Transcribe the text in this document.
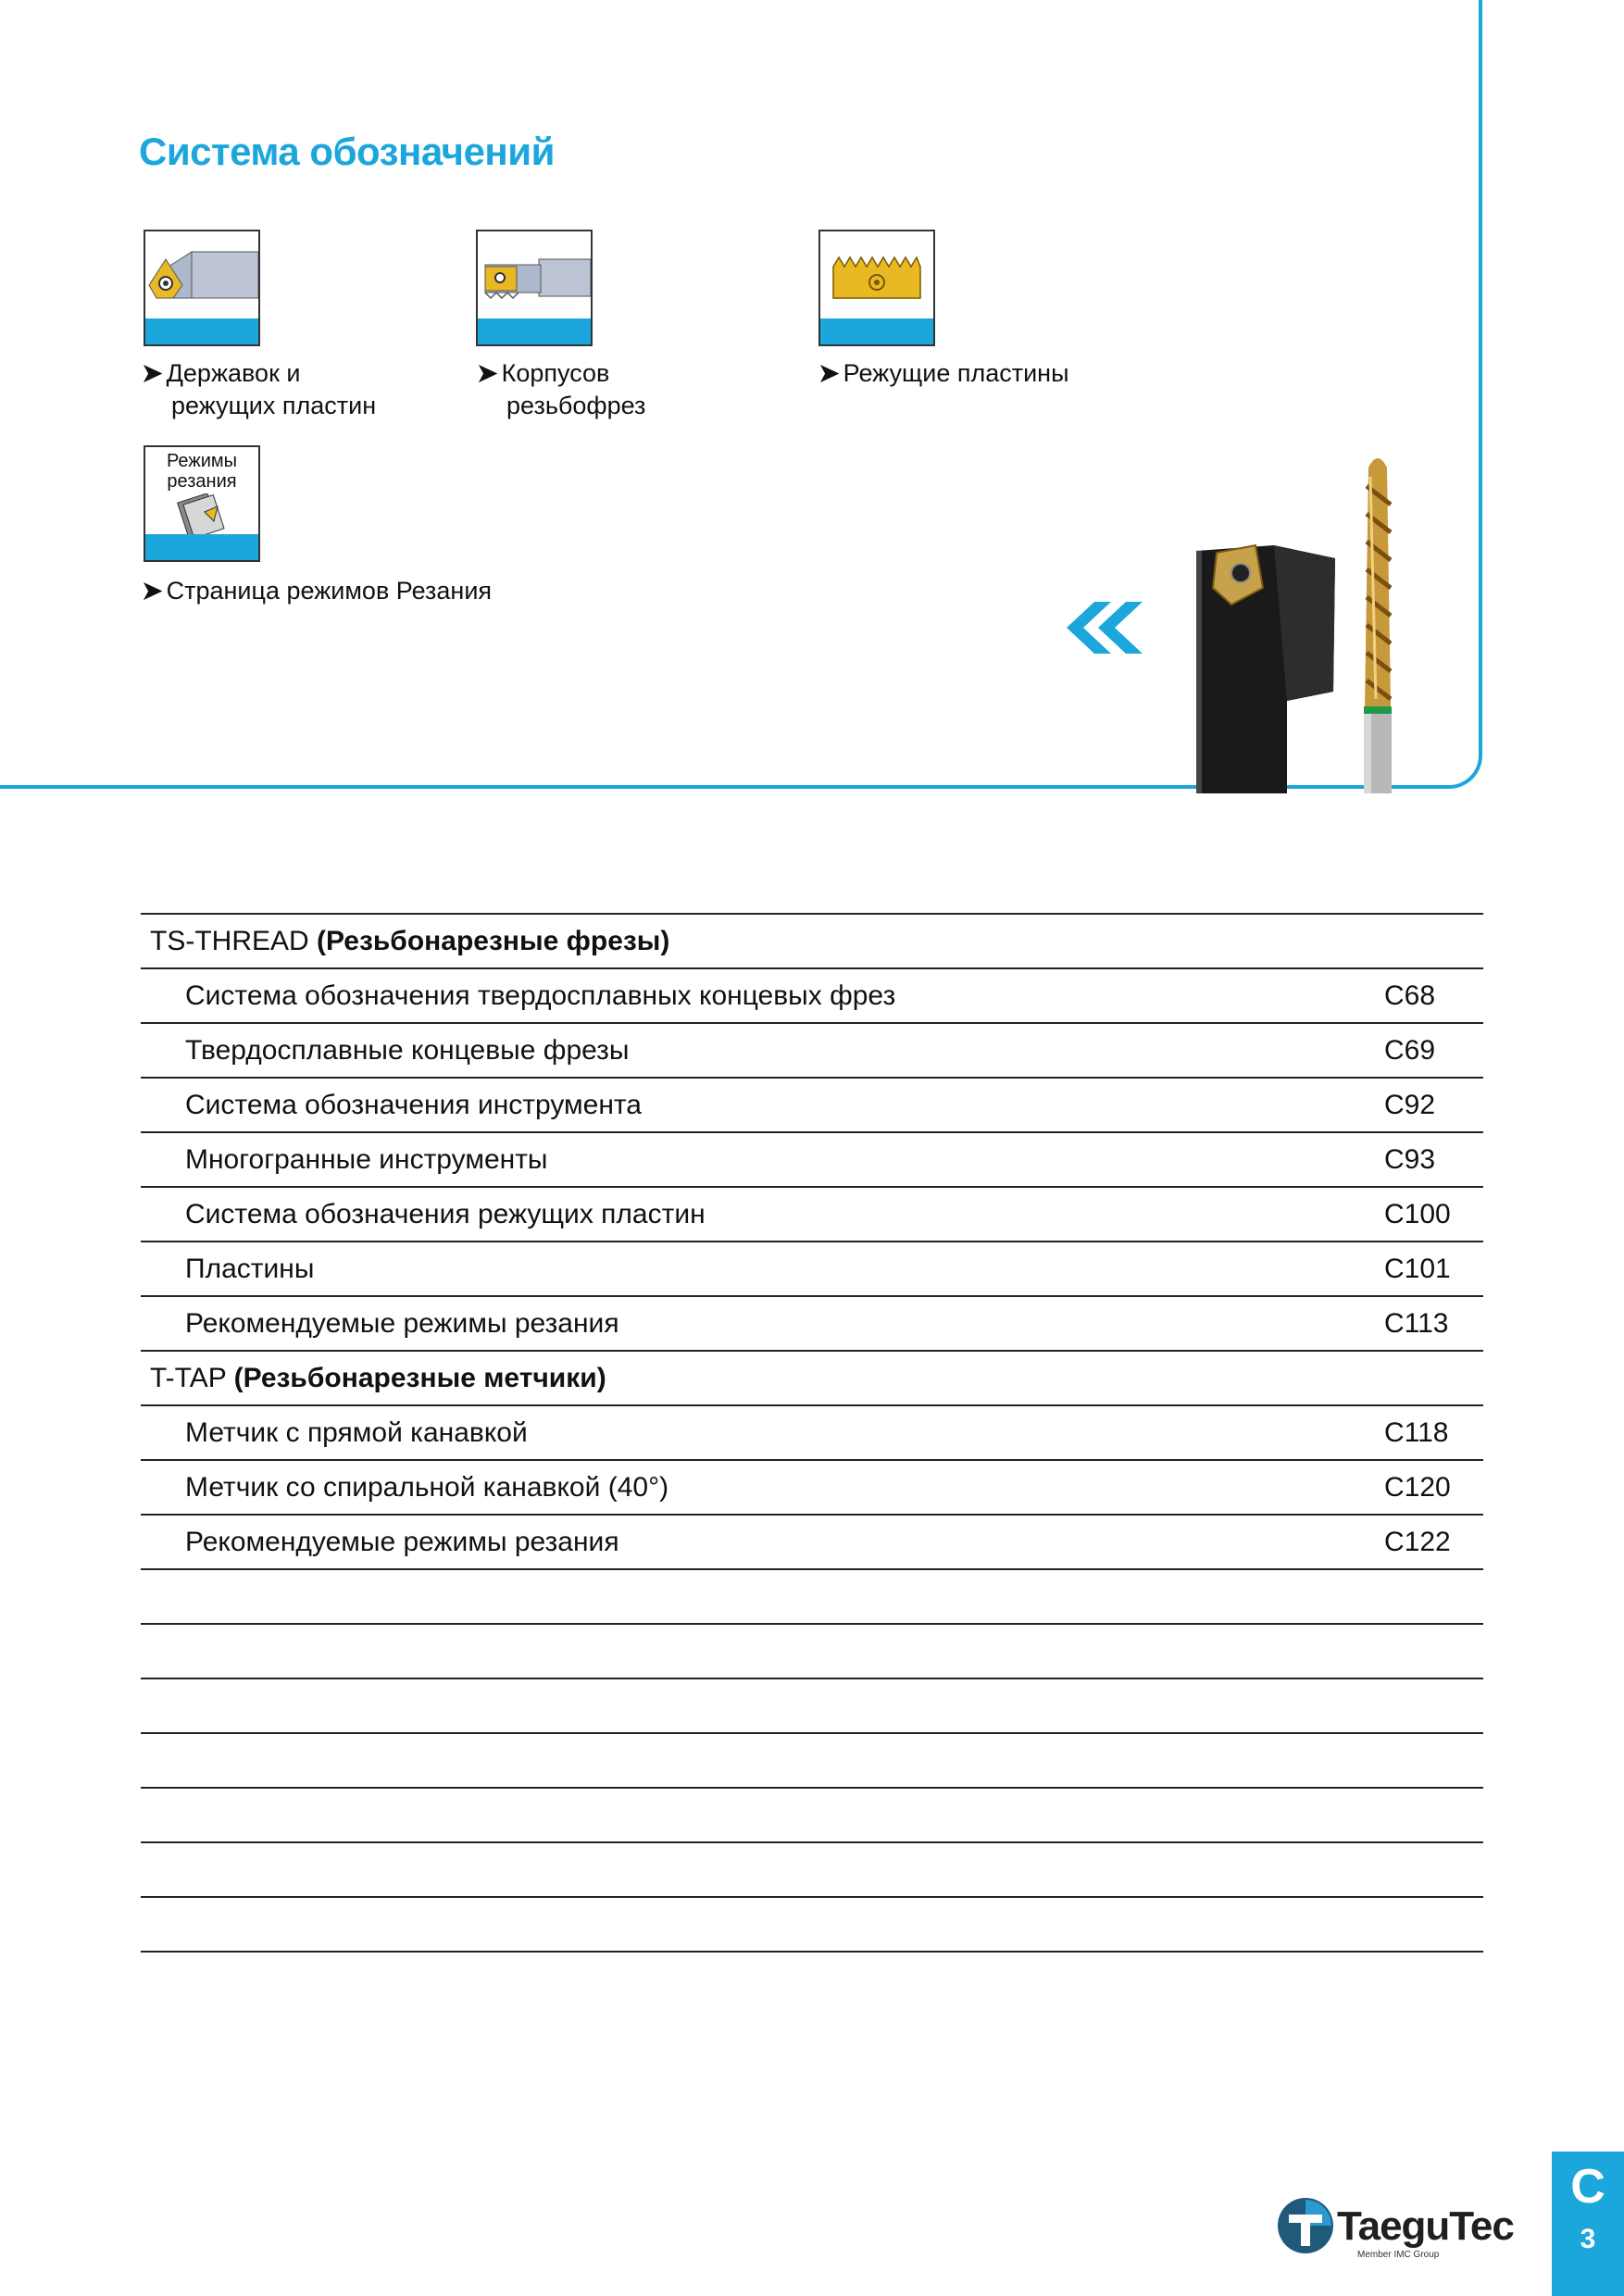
Система обозначений
➤ Державок и
режущих пластин
➤ Корпусов
резьбофрез
➤ Режущие пластины
Режимы
резания
➤ Страница режимов Резания
TS-THREAD (Резьбонарезные фрезы)
Система обозначения твердосплавных концевых фрез	C68
Твердосплавные концевые фрезы	C69
Система обозначения инструмента	C92
Многогранные инструменты	C93
Система обозначения режущих пластин	C100
Пластины	C101
Рекомендуемые режимы резания	C113
T-TAP (Резьбонарезные метчики)
Метчик с прямой канавкой	C118
Метчик со спиральной канавкой (40°)	C120
Рекомендуемые режимы резания	C122
TaeguTec
Member IMC Group
C
3
